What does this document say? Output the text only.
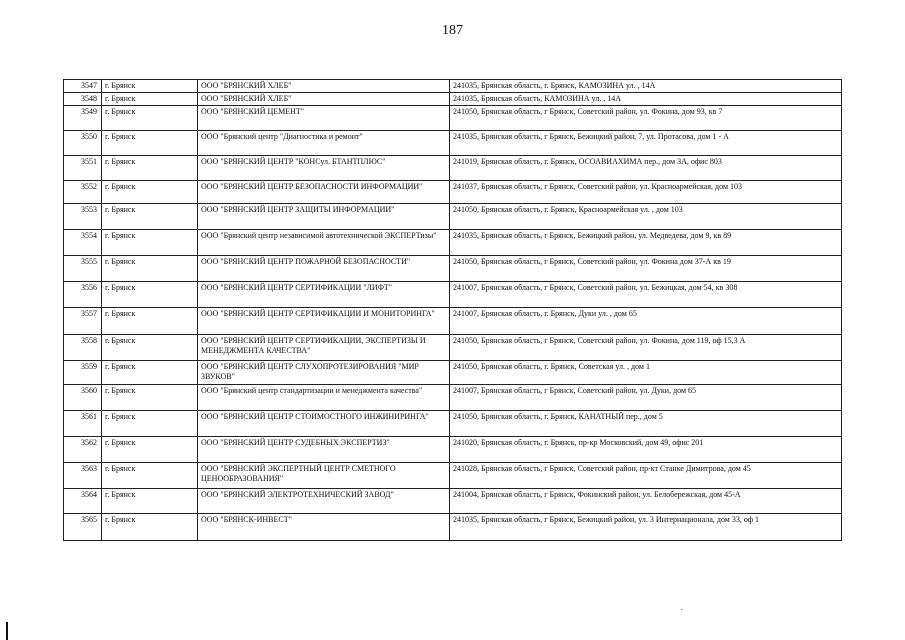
187
3547	г. Брянск	ООО "БРЯНСКИЙ ХЛЕБ"	241035, Брянская область, г. Брянск, КАМОЗИНА ул. , 14А
3548	г. Брянск	ООО "БРЯНСКИЙ ХЛЕБ"	241035, Брянская область, КАМОЗИНА ул. , 14А
3549	г. Брянск	ООО "БРЯНСКИЙ ЦЕМЕНТ"	241050, Брянская область, г Брянск, Советский район, ул. Фокина, дом 93, кв 7
3550	г. Брянск	ООО "Брянский центр "Диагностика и ремонт"	241035, Брянская область, г Брянск, Бежицкий район, 7, ул. Протасова, дом 1 - А
3551	г. Брянск	ООО "БРЯНСКИЙ ЦЕНТР "КОНСул. БТАНТПЛЮС"	241019, Брянская область, г. Брянск, ОСОАВИАХИМА пер., дом 3А, офис 803
3552	г. Брянск	ООО "БРЯНСКИЙ ЦЕНТР БЕЗОПАСНОСТИ ИНФОРМАЦИИ"	241037, Брянская область, г Брянск, Советский район, ул. Красноармейская, дом 103
3553	г. Брянск	ООО "БРЯНСКИЙ ЦЕНТР ЗАЩИТЫ ИНФОРМАЦИИ"	241050, Брянская область, г. Брянск, Красноармейская ул. , дом 103
3554	г. Брянск	ООО "Брянский центр независимой автотехнической ЭКСПЕРТизы"	241035, Брянская область, г Брянск, Бежицкий район, ул. Медведева, дом 9, кв 89
3555	г. Брянск	ООО "БРЯНСКИЙ ЦЕНТР ПОЖАРНОЙ БЕЗОПАСНОСТИ"	241050, Брянская область, г Брянск, Советский район, ул. Фокина дом 37-А кв 19
3556	г. Брянск	ООО "БРЯНСКИЙ ЦЕНТР СЕРТИФИКАЦИИ "ЛИФТ"	241007, Брянская область, г Брянск, Советский район, ул. Бежицкая, дом 54, кв 308
3557	г. Брянск	ООО "БРЯНСКИЙ ЦЕНТР СЕРТИФИКАЦИИ И МОНИТОРИНГА"	241007, Брянская область, г. Брянск, Дуки ул. , дом 65
3558	г. Брянск	ООО "БРЯНСКИЙ ЦЕНТР СЕРТИФИКАЦИИ, ЭКСПЕРТИЗЫ И МЕНЕДЖМЕНТА КАЧЕСТВА"	241050, Брянская область, г Брянск, Советский район, ул. Фокина, дом 119, оф 15,3 А
3559	г. Брянск	ООО "БРЯНСКИЙ ЦЕНТР СЛУХОПРОТЕЗИРОВАНИЯ "МИР ЗВУКОВ"	241050, Брянская область, г. Брянск, Советская ул. , дом 1
3560	г. Брянск	ООО "Брянский центр стандартизации и менеджмента качества"	241007, Брянская область, г Брянск, Советский район, ул. Дуки, дом 65
3561	г. Брянск	ООО "БРЯНСКИЙ ЦЕНТР СТОИМОСТНОГО ИНЖИНИРИНГА"	241050, Брянская область, г. Брянск, КАНАТНЫЙ пер., дом 5
3562	г. Брянск	ООО "БРЯНСКИЙ ЦЕНТР СУДЕБНЫХ ЭКСПЕРТИЗ"	241020, Брянская область, г. Брянск, пр-кр Московский, дом 49, офис 201
3563	г. Брянск	ООО "БРЯНСКИЙ ЭКСПЕРТНЫЙ ЦЕНТР СМЕТНОГО ЦЕНООБРАЗОВАНИЯ"	241028, Брянская область, г Брянск, Советский район, пр-кт Станке Димитрова, дом 45
3564	г. Брянск	ООО "БРЯНСКИЙ ЭЛЕКТРОТЕХНИЧЕСКИЙ ЗАВОД"	241004, Брянская область, г Брянск, Фокинский район, ул. Белобережская, дом 45-А
3565	г. Брянск	ООО "БРЯНСК-ИНВЕСТ"	241035, Брянская область, г Брянск, Бежицкий район, ул. 3 Интернационала, дом 33, оф 1
